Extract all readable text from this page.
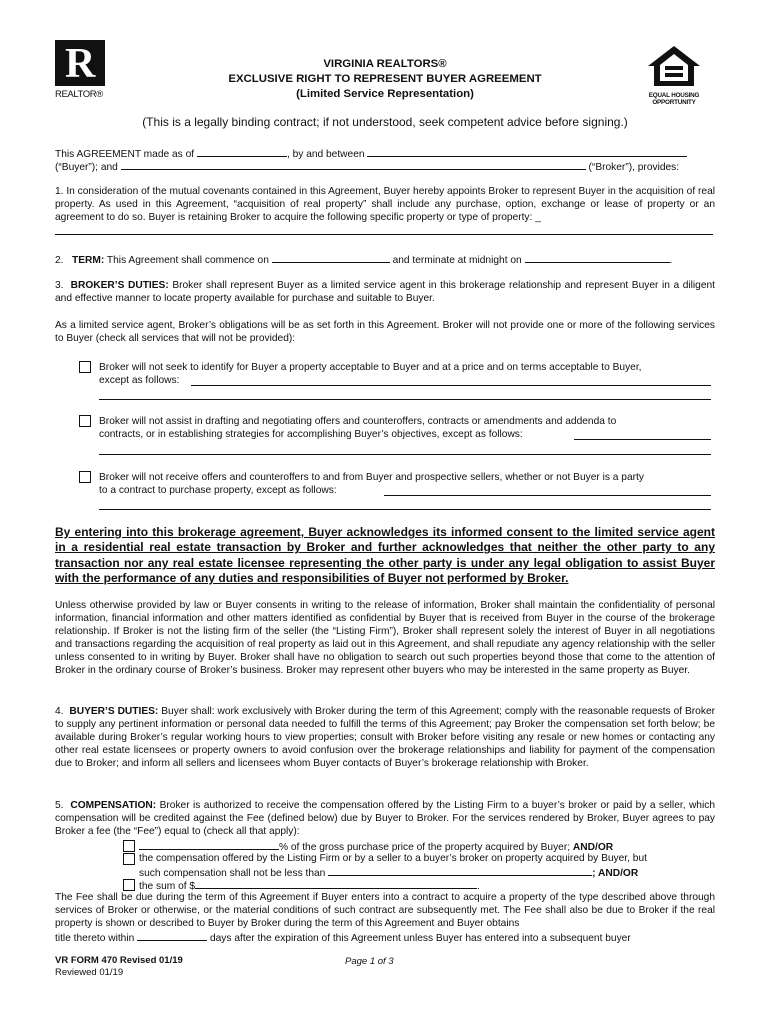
R
REALTOR®
VIRGINIA REALTORS®
EXCLUSIVE RIGHT TO REPRESENT BUYER AGREEMENT
(Limited Service Representation)	EQUAL HOUSING
OPPORTUNITY
(This is a legally binding contract; if not understood, seek competent advice before signing.)
This AGREEMENT made as of	, by and between
(“Buyer”); and	(“Broker”), provides:
1. In consideration of the mutual covenants contained in this Agreement, Buyer hereby appoints Broker to represent Buyer in the acquisition of real property. As used in this Agreement, “acquisition of real property” shall include any purchase, option, exchange or lease of property or an agreement to do so. Buyer is retaining Broker to acquire the following specific property or type of property: _
2. TERM: This Agreement shall commence on	and terminate at midnight on	.
3. BROKER’S DUTIES: Broker shall represent Buyer as a limited service agent in this brokerage relationship and represent Buyer in a diligent and effective manner to locate property available for purchase and suitable to Buyer.
As a limited service agent, Broker’s obligations will be as set forth in this Agreement. Broker will not provide one or more of the following services to Buyer (check all services that will not be provided):
Broker will not seek to identify for Buyer a property acceptable to Buyer and at a price and on terms acceptable to Buyer,
except as follows:
Broker will not assist in drafting and negotiating offers and counteroffers, contracts or amendments and addenda to
contracts, or in establishing strategies for accomplishing Buyer’s objectives, except as follows:
Broker will not receive offers and counteroffers to and from Buyer and prospective sellers, whether or not Buyer is a party
to a contract to purchase property, except as follows:
By entering into this brokerage agreement, Buyer acknowledges its informed consent to the limited service agent in a residential real estate transaction by Broker and further acknowledges that neither the other party to any transaction nor any real estate licensee representing the other party is under any legal obligation to assist Buyer with the performance of any duties and responsibilities of Buyer not performed by Broker.
Unless otherwise provided by law or Buyer consents in writing to the release of information, Broker shall maintain the confidentiality of personal information, financial information and other matters identified as confidential by Buyer that is received from Buyer in the course of the brokerage relationship. If Broker is not the listing firm of the seller (the “Listing Firm”), Broker shall represent solely the interest of Buyer in all negotiations and transactions regarding the acquisition of real property as laid out in this Agreement, and shall repudiate any agency relationship with the seller unless consented to in writing by Buyer. Broker shall have no obligation to search out such properties beyond those that come to the attention of Broker in the ordinary course of Broker’s business. Broker may represent other buyers who may be interested in the same property as Buyer.
4. BUYER’S DUTIES: Buyer shall: work exclusively with Broker during the term of this Agreement; comply with the reasonable requests of Broker to supply any pertinent information or personal data needed to fulfill the terms of this Agreement; pay Broker the compensation set forth below; be available during Broker’s regular working hours to view properties; consult with Broker before visiting any resale or new homes or contacting any other real estate licensees or property owners to avoid confusion over the brokerage relationships and liability for payment of the compensation due to Broker; and inform all sellers and licensees whom Buyer contacts of Buyer’s brokerage relationship with Broker.
5. COMPENSATION: Broker is authorized to receive the compensation offered by the Listing Firm to a buyer’s broker or paid by a seller, which compensation will be credited against the Fee (defined below) due by Buyer to Broker. For the services rendered by Broker, Buyer agrees to pay Broker a fee (the “Fee”) equal to (check all that apply):
% of the gross purchase price of the property acquired by Buyer; AND/OR
the compensation offered by the Listing Firm or by a seller to a buyer’s broker on property acquired by Buyer, but
such compensation shall not be less than	; AND/OR
the sum of $	.
The Fee shall be due during the term of this Agreement if Buyer enters into a contract to acquire a property of the type described above through services of Broker or otherwise, or the material conditions of such contract are subsequently met. The Fee shall also be due to Broker if the real property is shown or described to Buyer by Broker during the term of this Agreement and Buyer obtains
title thereto within	days after the expiration of this Agreement unless Buyer has entered into a subsequent buyer
VR FORM 470 Revised 01/19
Reviewed 01/19
Page 1 of 3
